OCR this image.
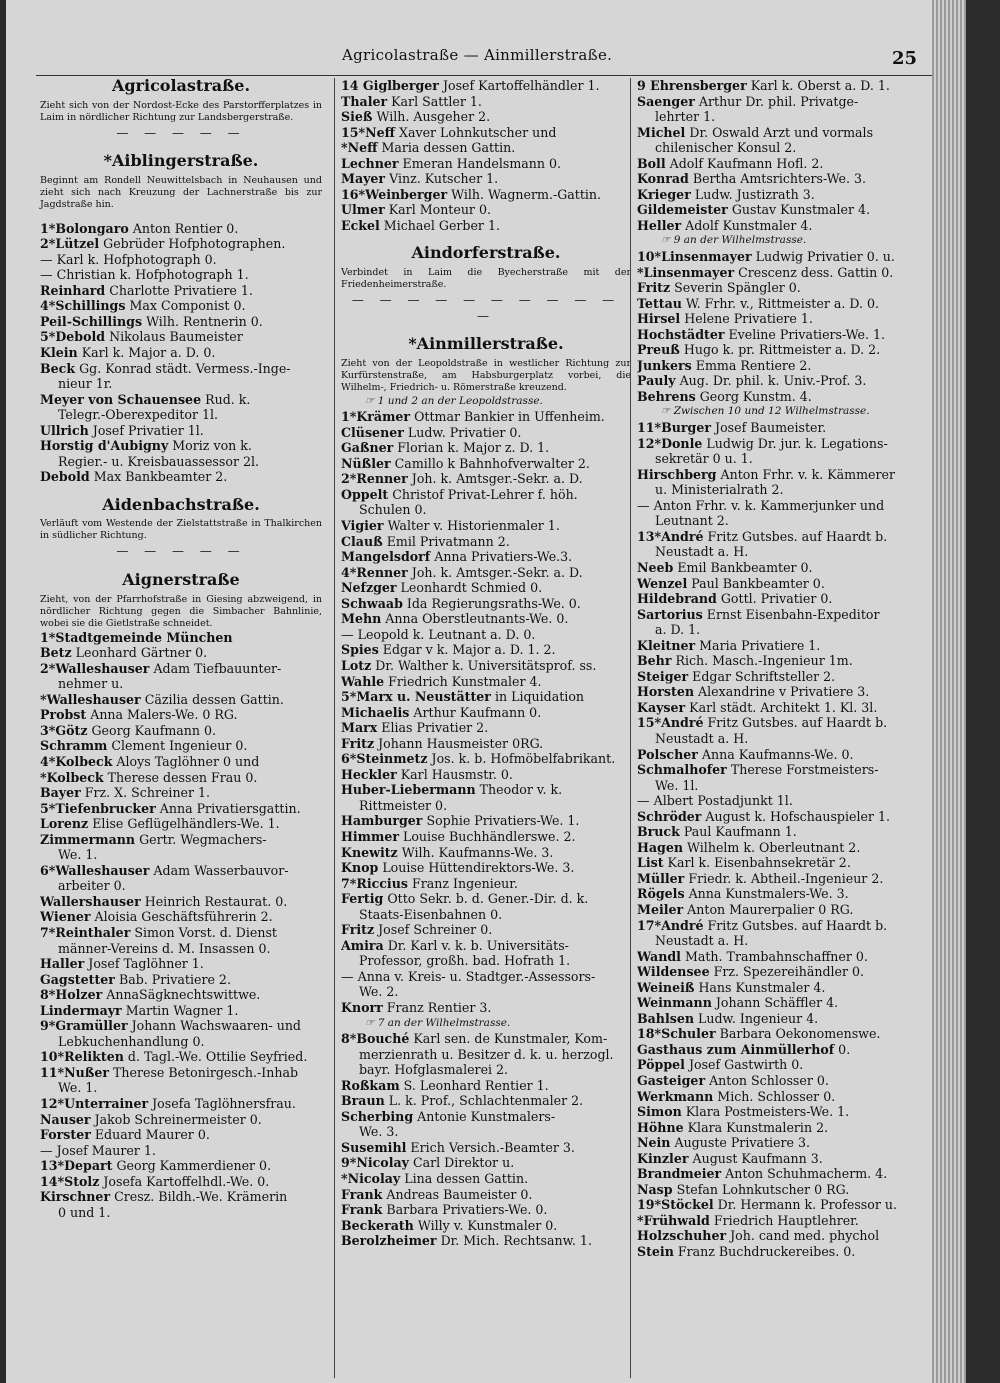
Agricolastraße — Ainmillerstraße.	25
Agricolastraße.
Zieht sich von der Nordost-Ecke des Parstorfferplatzes in Laim in nördlicher Richtung zur Landsbergerstraße.
— — — — —
*Aiblingerstraße.
Beginnt am Rondell Neuwittelsbach in Neuhausen und zieht sich nach Kreuzung der Lachnerstraße bis zur Jagdstraße hin.
1*Bolongaro Anton Rentier 0.
2*Lützel Gebrüder Hofphotographen.
— Karl k. Hofphotograph 0.
— Christian k. Hofphotograph 1.
Reinhard Charlotte Privatiere 1.
4*Schillings Max Componist 0.
Peil-Schillings Wilh. Rentnerin 0.
5*Debold Nikolaus Baumeister
Klein Karl k. Major a. D. 0.
Beck Gg. Konrad städt. Vermess.-Inge-
nieur 1r.
Meyer von Schauensee Rud. k.
Telegr.-Oberexpeditor 1l.
Ullrich Josef Privatier 1l.
Horstig d'Aubigny Moriz von k.
Regier.- u. Kreisbauassessor 2l.
Debold Max Bankbeamter 2.
Aidenbachstraße.
Verläuft vom Westende der Zielstattstraße in Thalkirchen in südlicher Richtung.
— — — — —
Aignerstraße
Zieht, von der Pfarrhofstraße in Giesing abzweigend, in nördlicher Richtung gegen die Simbacher Bahnlinie, wobei sie die Gietlstraße schneidet.
1*Stadtgemeinde München
Betz Leonhard Gärtner 0.
2*Walleshauser Adam Tiefbauunter-
nehmer u.
*Walleshauser Cäzilia dessen Gattin.
Probst Anna Malers-We. 0 RG.
3*Götz Georg Kaufmann 0.
Schramm Clement Ingenieur 0.
4*Kolbeck Aloys Taglöhner 0 und
*Kolbeck Therese dessen Frau 0.
Bayer Frz. X. Schreiner 1.
5*Tiefenbrucker Anna Privatiersgattin.
Lorenz Elise Geflügelhändlers-We. 1.
Zimmermann Gertr. Wegmachers-
We. 1.
6*Walleshauser Adam Wasserbauvor-
arbeiter 0.
Wallershauser Heinrich Restaurat. 0.
Wiener Aloisia Geschäftsführerin 2.
7*Reinthaler Simon Vorst. d. Dienst
männer-Vereins d. M. Insassen 0.
Haller Josef Taglöhner 1.
Gagstetter Bab. Privatiere 2.
8*Holzer AnnaSägknechtswittwe.
Lindermayr Martin Wagner 1.
9*Gramüller Johann Wachswaaren- und
Lebkuchenhandlung 0.
10*Relikten d. Tagl.-We. Ottilie Seyfried.
11*Nußer Therese Betonirgesch.-Inhab
We. 1.
12*Unterrainer Josefa Taglöhnersfrau.
Nauser Jakob Schreinermeister 0.
Forster Eduard Maurer 0.
— Josef Maurer 1.
13*Depart Georg Kammerdiener 0.
14*Stolz Josefa Kartoffelhdl.-We. 0.
Kirschner Cresz. Bildh.-We. Krämerin
0 und 1.
14 Giglberger Josef Kartoffelhändler 1.
Thaler Karl Sattler 1.
Sieß Wilh. Ausgeher 2.
15*Neff Xaver Lohnkutscher und
*Neff Maria dessen Gattin.
Lechner Emeran Handelsmann 0.
Mayer Vinz. Kutscher 1.
16*Weinberger Wilh. Wagnerm.-Gattin.
Ulmer Karl Monteur 0.
Eckel Michael Gerber 1.
Aindorferstraße.
Verbindet in Laim die Byecherstraße mit der Friedenheimerstraße.
— — — — — — — — — — —
*Ainmillerstraße.
Zieht von der Leopoldstraße in westlicher Richtung zur Kurfürstenstraße, am Habsburgerplatz vorbei, die Wilhelm-, Friedrich- u. Römerstraße kreuzend.
☞ 1 und 2 an der Leopoldstrasse.
1*Krämer Ottmar Bankier in Uffenheim.
Clüsener Ludw. Privatier 0.
Gaßner Florian k. Major z. D. 1.
Nüßler Camillo k Bahnhofverwalter 2.
2*Renner Joh. k. Amtsger.-Sekr. a. D.
Oppelt Christof Privat-Lehrer f. höh.
Schulen 0.
Vigier Walter v. Historienmaler 1.
Clauß Emil Privatmann 2.
Mangelsdorf Anna Privatiers-We.3.
4*Renner Joh. k. Amtsger.-Sekr. a. D.
Nefzger Leonhardt Schmied 0.
Schwaab Ida Regierungsraths-We. 0.
Mehn Anna Oberstleutnants-We. 0.
— Leopold k. Leutnant a. D. 0.
Spies Edgar v k. Major a. D. 1. 2.
Lotz Dr. Walther k. Universitätsprof. ss.
Wahle Friedrich Kunstmaler 4.
5*Marx u. Neustätter in Liquidation
Michaelis Arthur Kaufmann 0.
Marx Elias Privatier 2.
Fritz Johann Hausmeister 0RG.
6*Steinmetz Jos. k. b. Hofmöbelfabrikant.
Heckler Karl Hausmstr. 0.
Huber-Liebermann Theodor v. k.
Rittmeister 0.
Hamburger Sophie Privatiers-We. 1.
Himmer Louise Buchhändlerswe. 2.
Knewitz Wilh. Kaufmanns-We. 3.
Knop Louise Hüttendirektors-We. 3.
7*Riccius Franz Ingenieur.
Fertig Otto Sekr. b. d. Gener.-Dir. d. k.
Staats-Eisenbahnen 0.
Fritz Josef Schreiner 0.
Amira Dr. Karl v. k. b. Universitäts-
Professor, großh. bad. Hofrath 1.
— Anna v. Kreis- u. Stadtger.-Assessors-
We. 2.
Knorr Franz Rentier 3.
☞ 7 an der Wilhelmstrasse.
8*Bouché Karl sen. de Kunstmaler, Kom-
merzienrath u. Besitzer d. k. u. herzogl.
bayr. Hofglasmalerei 2.
Roßkam S. Leonhard Rentier 1.
Braun L. k. Prof., Schlachtenmaler 2.
Scherbing Antonie Kunstmalers-
We. 3.
Susemihl Erich Versich.-Beamter 3.
9*Nicolay Carl Direktor u.
*Nicolay Lina dessen Gattin.
Frank Andreas Baumeister 0.
Frank Barbara Privatiers-We. 0.
Beckerath Willy v. Kunstmaler 0.
Berolzheimer Dr. Mich. Rechtsanw. 1.
9 Ehrensberger Karl k. Oberst a. D. 1.
Saenger Arthur Dr. phil. Privatge-
lehrter 1.
Michel Dr. Oswald Arzt und vormals
chilenischer Konsul 2.
Boll Adolf Kaufmann Hofl. 2.
Konrad Bertha Amtsrichters-We. 3.
Krieger Ludw. Justizrath 3.
Gildemeister Gustav Kunstmaler 4.
Heller Adolf Kunstmaler 4.
☞ 9 an der Wilhelmstrasse.
10*Linsenmayer Ludwig Privatier 0. u.
*Linsenmayer Crescenz dess. Gattin 0.
Fritz Severin Spängler 0.
Tettau W. Frhr. v., Rittmeister a. D. 0.
Hirsel Helene Privatiere 1.
Hochstädter Eveline Privatiers-We. 1.
Preuß Hugo k. pr. Rittmeister a. D. 2.
Junkers Emma Rentiere 2.
Pauly Aug. Dr. phil. k. Univ.-Prof. 3.
Behrens Georg Kunstm. 4.
☞ Zwischen 10 und 12 Wilhelmstrasse.
11*Burger Josef Baumeister.
12*Donle Ludwig Dr. jur. k. Legations-
sekretär 0 u. 1.
Hirschberg Anton Frhr. v. k. Kämmerer
u. Ministerialrath 2.
— Anton Frhr. v. k. Kammerjunker und
Leutnant 2.
13*André Fritz Gutsbes. auf Haardt b.
Neustadt a. H.
Neeb Emil Bankbeamter 0.
Wenzel Paul Bankbeamter 0.
Hildebrand Gottl. Privatier 0.
Sartorius Ernst Eisenbahn-Expeditor
a. D. 1.
Kleitner Maria Privatiere 1.
Behr Rich. Masch.-Ingenieur 1m.
Steiger Edgar Schriftsteller 2.
Horsten Alexandrine v Privatiere 3.
Kayser Karl städt. Architekt 1. Kl. 3l.
15*André Fritz Gutsbes. auf Haardt b.
Neustadt a. H.
Polscher Anna Kaufmanns-We. 0.
Schmalhofer Therese Forstmeisters-
We. 1l.
— Albert Postadjunkt 1l.
Schröder August k. Hofschauspieler 1.
Bruck Paul Kaufmann 1.
Hagen Wilhelm k. Oberleutnant 2.
List Karl k. Eisenbahnsekretär 2.
Müller Friedr. k. Abtheil.-Ingenieur 2.
Rögels Anna Kunstmalers-We. 3.
Meiler Anton Maurerpalier 0 RG.
17*André Fritz Gutsbes. auf Haardt b.
Neustadt a. H.
Wandl Math. Trambahnschaffner 0.
Wildensee Frz. Spezereihändler 0.
Weineiß Hans Kunstmaler 4.
Weinmann Johann Schäffler 4.
Bahlsen Ludw. Ingenieur 4.
18*Schuler Barbara Oekonomenswe.
Gasthaus zum Ainmüllerhof 0.
Pöppel Josef Gastwirth 0.
Gasteiger Anton Schlosser 0.
Werkmann Mich. Schlosser 0.
Simon Klara Postmeisters-We. 1.
Höhne Klara Kunstmalerin 2.
Nein Auguste Privatiere 3.
Kinzler August Kaufmann 3.
Brandmeier Anton Schuhmacherm. 4.
Nasp Stefan Lohnkutscher 0 RG.
19*Stöckel Dr. Hermann k. Professor u.
*Frühwald Friedrich Hauptlehrer.
Holzschuher Joh. cand med. phychol
Stein Franz Buchdruckereibes. 0.
